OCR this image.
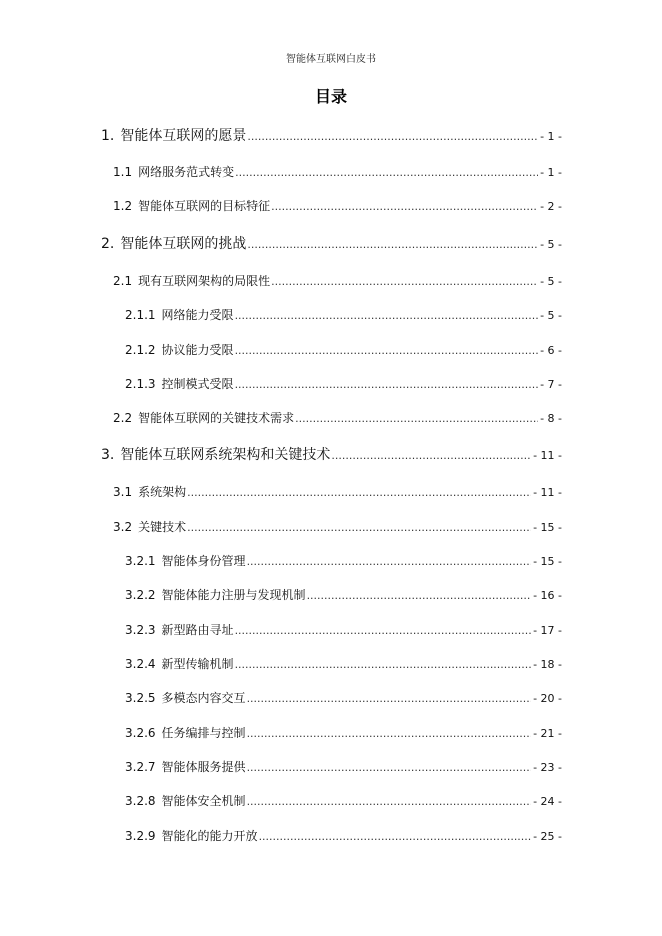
智能体互联网白皮书
目录
1. 智能体互联网的愿景 .....	- 1 -
1.1 网络服务范式转变 .....	- 1 -
1.2 智能体互联网的目标特征 .....	- 2 -
2. 智能体互联网的挑战 .....	- 5 -
2.1 现有互联网架构的局限性 .....	- 5 -
2.1.1 网络能力受限 .....	- 5 -
2.1.2 协议能力受限 .....	- 6 -
2.1.3 控制模式受限 .....	- 7 -
2.2 智能体互联网的关键技术需求 .....	- 8 -
3. 智能体互联网系统架构和关键技术 .....	- 11 -
3.1 系统架构 .....	- 11 -
3.2 关键技术 .....	- 15 -
3.2.1 智能体身份管理 .....	- 15 -
3.2.2 智能体能力注册与发现机制 .....	- 16 -
3.2.3 新型路由寻址 .....	- 17 -
3.2.4 新型传输机制 .....	- 18 -
3.2.5 多模态内容交互 .....	- 20 -
3.2.6 任务编排与控制 .....	- 21 -
3.2.7 智能体服务提供 .....	- 23 -
3.2.8 智能体安全机制 .....	- 24 -
3.2.9 智能化的能力开放 .....	- 25 -
